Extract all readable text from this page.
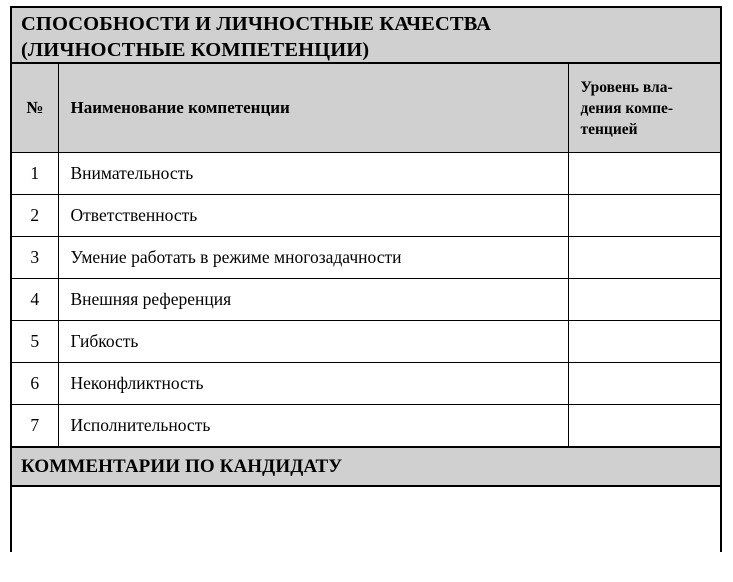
СПОСОБНОСТИ И ЛИЧНОСТНЫЕ КАЧЕСТВА
(ЛИЧНОСТНЫЕ КОМПЕТЕНЦИИ)
№	Наименование компетенции	Уровень вла-
дения компе-
тенцией

1	Внимательность	
2	Ответственность	
3	Умение работать в режиме многозадачности	
4	Внешняя референция	
5	Гибкость	
6	Неконфликтность	
7	Исполнительность	
КОММЕНТАРИИ ПО КАНДИДАТУ
